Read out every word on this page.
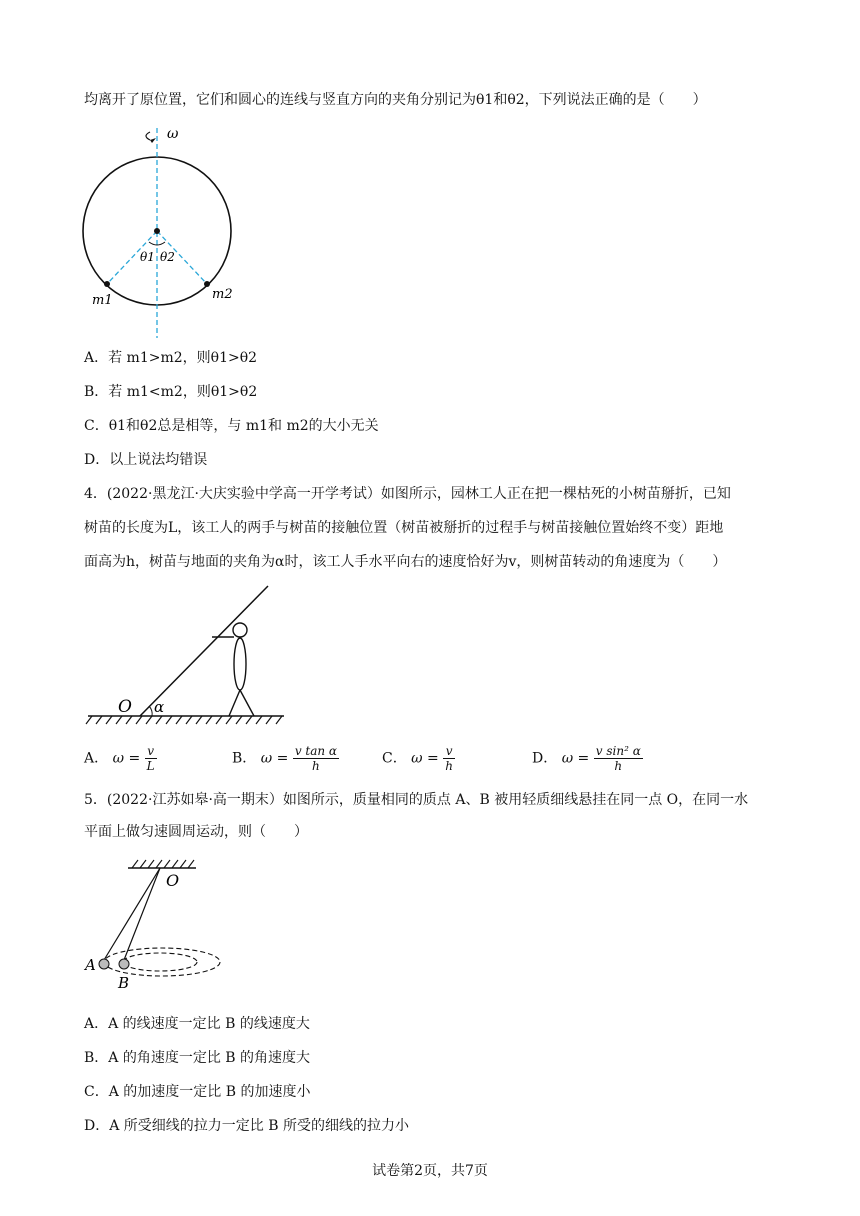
均离开了原位置，它们和圆心的连线与竖直方向的夹角分别记为θ1和θ2，下列说法正确的是（　　）
ω
θ1 θ2
m1	m2
A．若 m1>m2，则θ1>θ2
B．若 m1<m2，则θ1>θ2
C．θ1和θ2总是相等，与 m1和 m2的大小无关
D．以上说法均错误
4．(2022·黑龙江·大庆实验中学高一开学考试）如图所示，园林工人正在把一棵枯死的小树苗掰折，已知
树苗的长度为L，该工人的两手与树苗的接触位置（树苗被掰折的过程手与树苗接触位置始终不变）距地
面高为h，树苗与地面的夹角为α时，该工人手水平向右的速度恰好为v，则树苗转动的角速度为（　　）
O α
A． $\omega = \frac{v}{L}$	B． $\omega = \frac{\text{v tan α}}{h}$	C． $\omega = \frac{v}{h}$	D． $\omega = \frac{\text{v sin² α}}{h}$
5．(2022·江苏如皋·高一期末）如图所示，质量相同的质点 A、B 被用轻质细线悬挂在同一点 O，在同一水
平面上做匀速圆周运动，则（　　）
O
A
B
A．A 的线速度一定比 B 的线速度大
B．A 的角速度一定比 B 的角速度大
C．A 的加速度一定比 B 的加速度小
D．A 所受细线的拉力一定比 B 所受的细线的拉力小
试卷第2页，共7页
